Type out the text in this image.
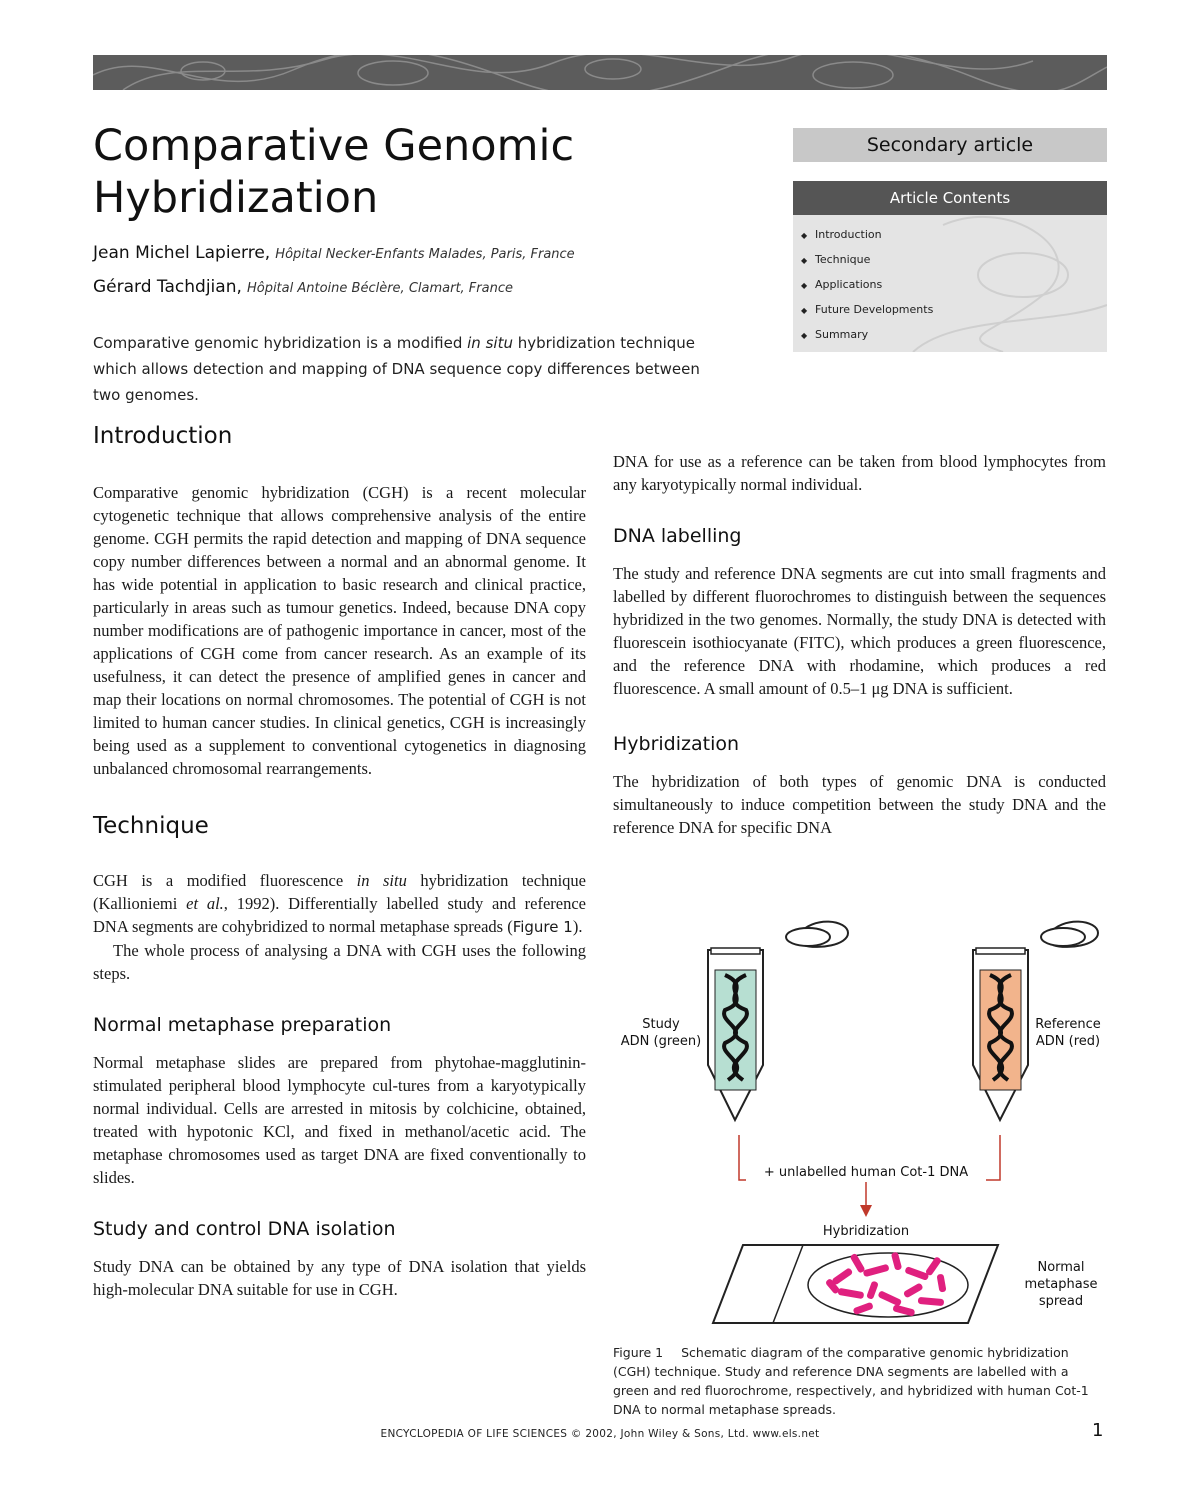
Comparative Genomic
Hybridization
Jean Michel Lapierre, Hôpital Necker-Enfants Malades, Paris, France
Gérard Tachdjian, Hôpital Antoine Béclère, Clamart, France
Comparative genomic hybridization is a modified in situ hybridization technique which allows detection and mapping of DNA sequence copy differences between two genomes.
Secondary article
Article Contents
◆ Introduction
◆ Technique
◆ Applications
◆ Future Developments
◆ Summary
Introduction

Comparative genomic hybridization (CGH) is a recent molecular cytogenetic technique that allows comprehensive analysis of the entire genome. CGH permits the rapid detection and mapping of DNA sequence copy number differences between a normal and an abnormal genome. It has wide potential in application to basic research and clinical practice, particularly in areas such as tumour genetics. Indeed, because DNA copy number modifications are of pathogenic importance in cancer, most of the applications of CGH come from cancer research. As an example of its usefulness, it can detect the presence of amplified genes in cancer and map their locations on normal chromosomes. The potential of CGH is not limited to human cancer studies. In clinical genetics, CGH is increasingly being used as a supplement to conventional cytogenetics in diagnosing unbalanced chromosomal rearrangements.

Technique

CGH is a modified fluorescence in situ hybridization technique (Kallioniemi et al., 1992). Differentially labelled study and reference DNA segments are cohybridized to normal metaphase spreads (Figure 1).

The whole process of analysing a DNA with CGH uses the following steps.

Normal metaphase preparation

Normal metaphase slides are prepared from phytohae-magglutinin-stimulated peripheral blood lymphocyte cul-tures from a karyotypically normal individual. Cells are arrested in mitosis by colchicine, obtained, treated with hypotonic KCl, and fixed in methanol/acetic acid. The metaphase chromosomes used as target DNA are fixed conventionally to slides.

Study and control DNA isolation

Study DNA can be obtained by any type of DNA isolation that yields high-molecular DNA suitable for use in CGH.

DNA for use as a reference can be taken from blood lymphocytes from any karyotypically normal individual.

DNA labelling

The study and reference DNA segments are cut into small fragments and labelled by different fluorochromes to distinguish between the sequences hybridized in the two genomes. Normally, the study DNA is detected with fluorescein isothiocyanate (FITC), which produces a green fluorescence, and the reference DNA with rhodamine, which produces a red fluorescence. A small amount of 0.5–1 μg DNA is sufficient.

Hybridization

The hybridization of both types of genomic DNA is conducted simultaneously to induce competition between the study DNA and the reference DNA for specific DNA

Study
ADN (green)
Reference
ADN (red)
+ unlabelled human Cot-1 DNA
Hybridization
Normal
metaphase
spread
Figure 1 Schematic diagram of the comparative genomic hybridization (CGH) technique. Study and reference DNA segments are labelled with a green and red fluorochrome, respectively, and hybridized with human Cot-1 DNA to normal metaphase spreads.
ENCYCLOPEDIA OF LIFE SCIENCES © 2002, John Wiley & Sons, Ltd. www.els.net	1
